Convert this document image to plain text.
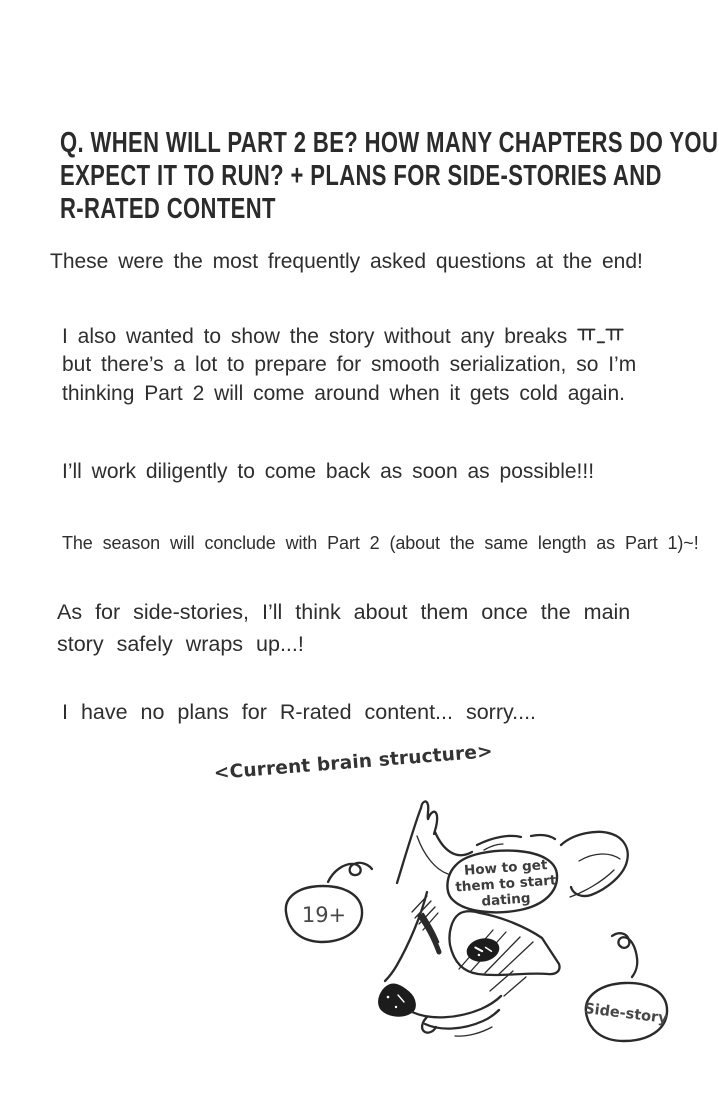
Q. WHEN WILL PART 2 BE? HOW MANY CHAPTERS DO YOU
EXPECT IT TO RUN? + PLANS FOR SIDE-STORIES AND
R-RATED CONTENT
These were the most frequently asked questions at the end!
I also wanted to show the story without any breaks
but there’s a lot to prepare for smooth serialization, so I’m
thinking Part 2 will come around when it gets cold again.
I’ll work diligently to come back as soon as possible!!!
The season will conclude with Part 2 (about the same length as Part 1)~!
As for side-stories, I’ll think about them once the main
story safely wraps up...!
I have no plans for R-rated content... sorry....
<Current brain structure>
19+
How to get
them to start
dating
Side-story
